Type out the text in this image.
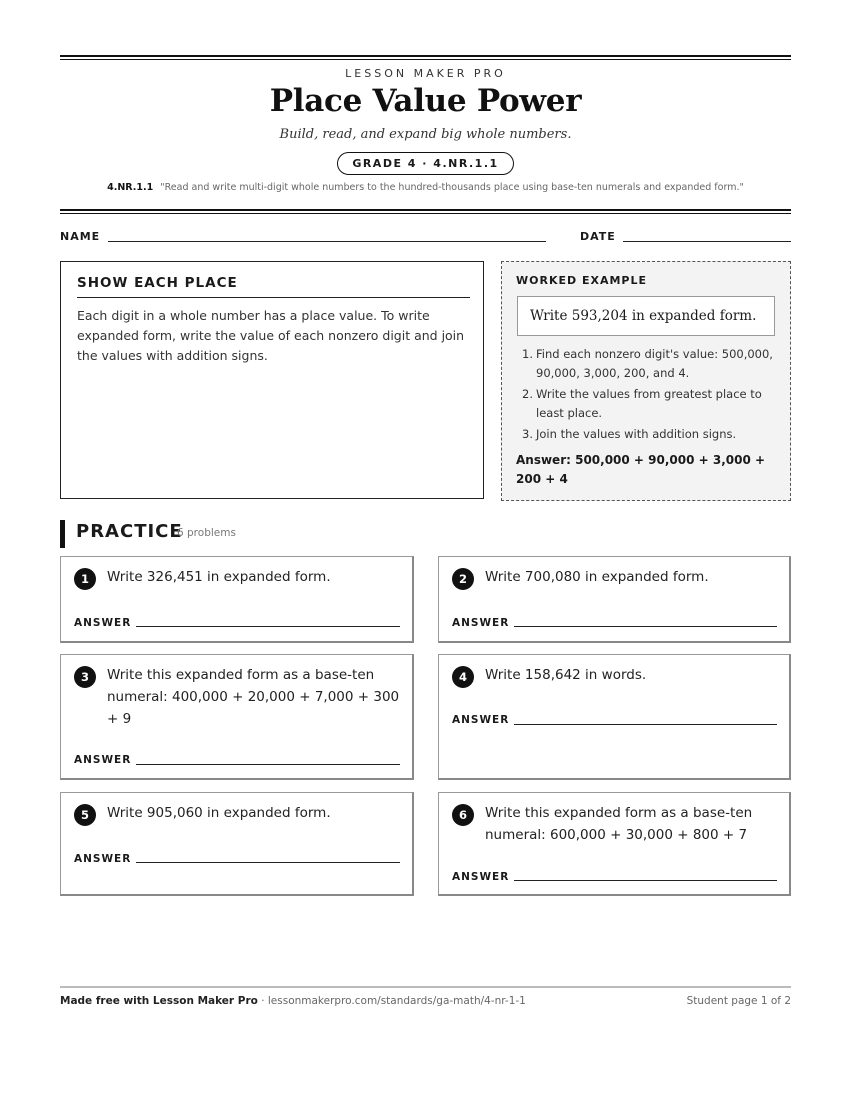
LESSON MAKER PRO
Place Value Power
Build, read, and expand big whole numbers.
GRADE 4 · 4.NR.1.1
4.NR.1.1 "Read and write multi-digit whole numbers to the hundred-thousands place using base-ten numerals and expanded form."
NAME	DATE
SHOW EACH PLACE

Each digit in a whole number has a place value. To write expanded form, write the value of each nonzero digit and join the values with addition signs.

WORKED EXAMPLE
Write 593,204 in expanded form.
1. Find each nonzero digit's value: 500,000, 90,000, 3,000, 200, and 4.
2. Write the values from greatest place to least place.
3. Join the values with addition signs.
Answer: 500,000 + 90,000 + 3,000 + 200 + 4
PRACTICE
6 problems
1	Write 326,451 in expanded form.
ANSWER
2	Write 700,080 in expanded form.
ANSWER
3	Write this expanded form as a base-ten numeral: 400,000 + 20,000 + 7,000 + 300 + 9
ANSWER
4	Write 158,642 in words.
ANSWER
5	Write 905,060 in expanded form.
ANSWER
6	Write this expanded form as a base-ten numeral: 600,000 + 30,000 + 800 + 7
ANSWER
Made free with Lesson Maker Pro · lessonmakerpro.com/standards/ga-math/4-nr-1-1	Student page 1 of 2
